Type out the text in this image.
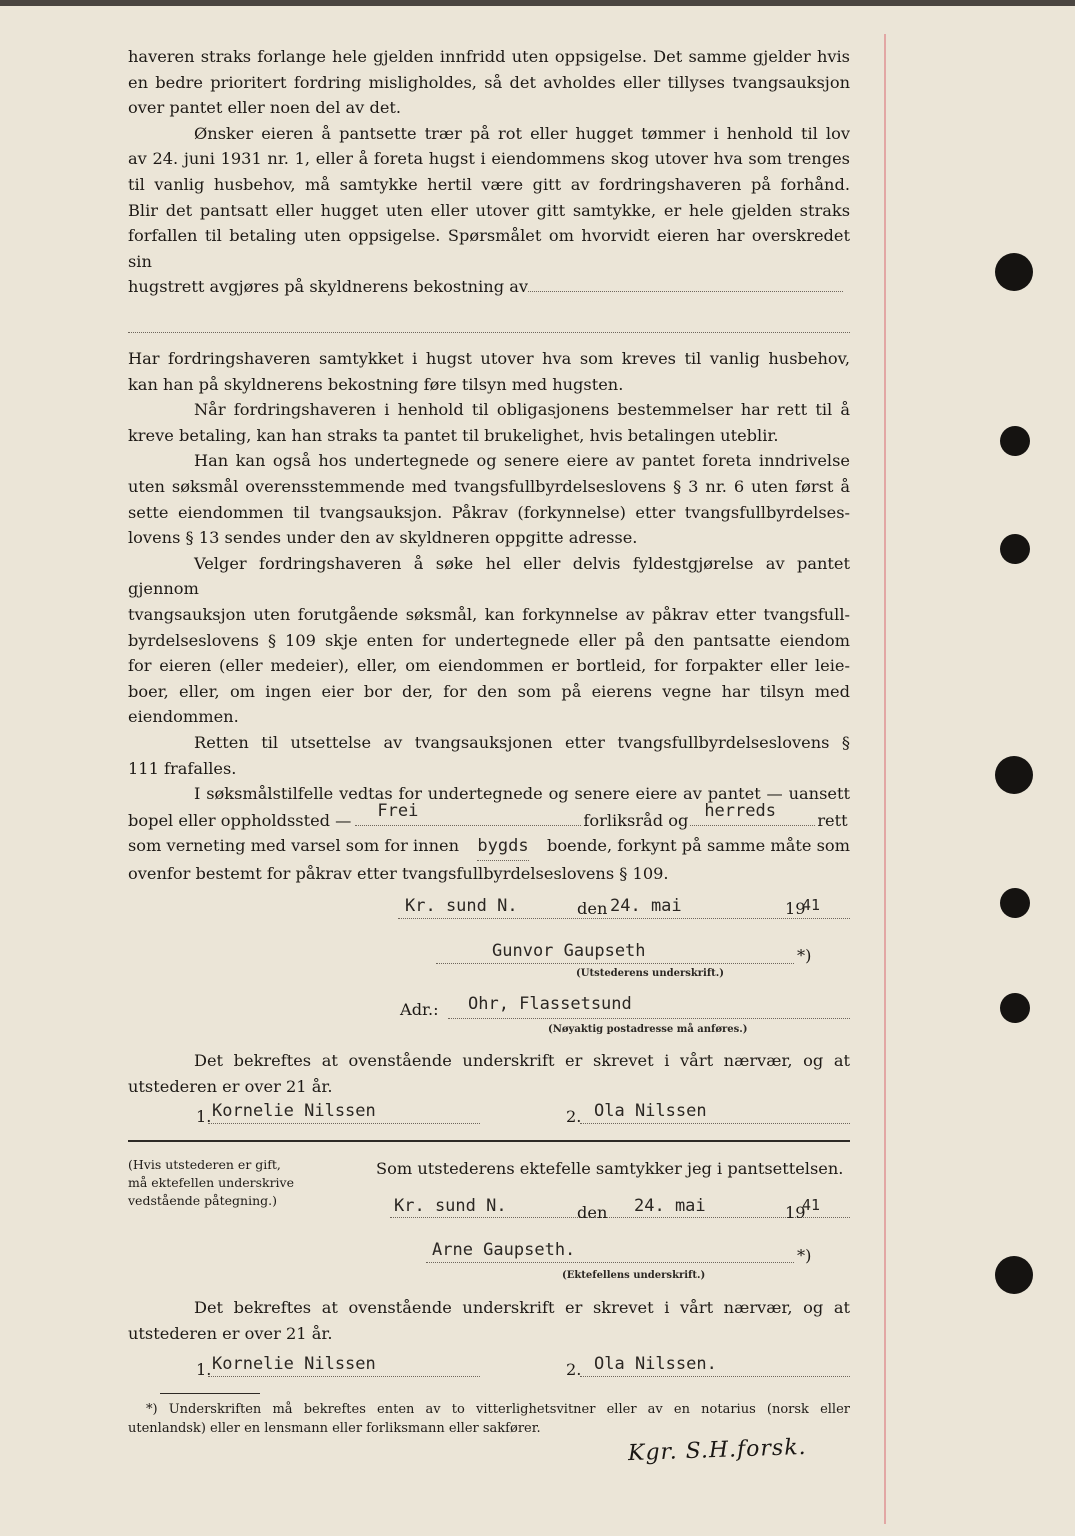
haveren straks forlange hele gjelden innfridd uten oppsigelse. Det samme gjelder hvis

en bedre prioritert fordring misligholdes, så det avholdes eller tillyses tvangsauksjon

over pantet eller noen del av det.

Ønsker eieren å pantsette trær på rot eller hugget tømmer i henhold til lov

av 24. juni 1931 nr. 1, eller å foreta hugst i eiendommens skog utover hva som trenges

til vanlig husbehov, må samtykke hertil være gitt av fordringshaveren på forhånd.

Blir det pantsatt eller hugget uten eller utover gitt samtykke, er hele gjelden straks

forfallen til betaling uten oppsigelse. Spørsmålet om hvorvidt eieren har overskredet sin

hugstrett avgjøres på skyldnerens bekostning av

Har fordringshaveren samtykket i hugst utover hva som kreves til vanlig husbehov,

kan han på skyldnerens bekostning føre tilsyn med hugsten.

Når fordringshaveren i henhold til obligasjonens bestemmelser har rett til å

kreve betaling, kan han straks ta pantet til brukelighet, hvis betalingen uteblir.

Han kan også hos undertegnede og senere eiere av pantet foreta inndrivelse

uten søksmål overensstemmende med tvangsfullbyrdelseslovens § 3 nr. 6 uten først å

sette eiendommen til tvangsauksjon. Påkrav (forkynnelse) etter tvangsfullbyrdelses-

lovens § 13 sendes under den av skyldneren oppgitte adresse.

Velger fordringshaveren å søke hel eller delvis fyldestgjørelse av pantet gjennom

tvangsauksjon uten forutgående søksmål, kan forkynnelse av påkrav etter tvangsfull-

byrdelseslovens § 109 skje enten for undertegnede eller på den pantsatte eiendom

for eieren (eller medeier), eller, om eiendommen er bortleid, for forpakter eller leie-

boer, eller, om ingen eier bor der, for den som på eierens vegne har tilsyn med

eiendommen.

Retten til utsettelse av tvangsauksjonen etter tvangsfullbyrdelseslovens §

111 frafalles.

I søksmålstilfelle vedtas for undertegnede og senere eiere av pantet — uansett

bopel eller oppholdssted — Frei	forliksråd og herreds	rett

som verneting med varsel som for innen bygds boende, forkynt på samme måte som

ovenfor bestemt for påkrav etter tvangsfullbyrdelseslovens § 109.

Kr. sund N.	den 24. mai	19
41
Gunvor Gaupseth	*)
(Utstederens underskrift.)
Adr.: Ohr, Flassetsund
(Nøyaktig postadresse må anføres.)

Det bekreftes at ovenstående underskrift er skrevet i vårt nærvær, og at

utstederen er over 21 år.

1. Kornelie Nilssen	2. Ola Nilssen
(Hvis utstederen er gift,
må ektefellen underskrive
vedstående påtegning.)
Som utstederens ektefelle samtykker jeg i pantsettelsen.
Kr. sund N.	den 24. mai	19
41
Arne Gaupseth.	*)
(Ektefellens underskrift.)

Det bekreftes at ovenstående underskrift er skrevet i vårt nærvær, og at

utstederen er over 21 år.

1. Kornelie Nilssen	2. Ola Nilssen.
*) Underskriften må bekreftes enten av to vitterlighetsvitner eller av en notarius (norsk eller
utenlandsk) eller en lensmann eller forliksmann eller sakfører.
Kgr. S.H.forsk.
